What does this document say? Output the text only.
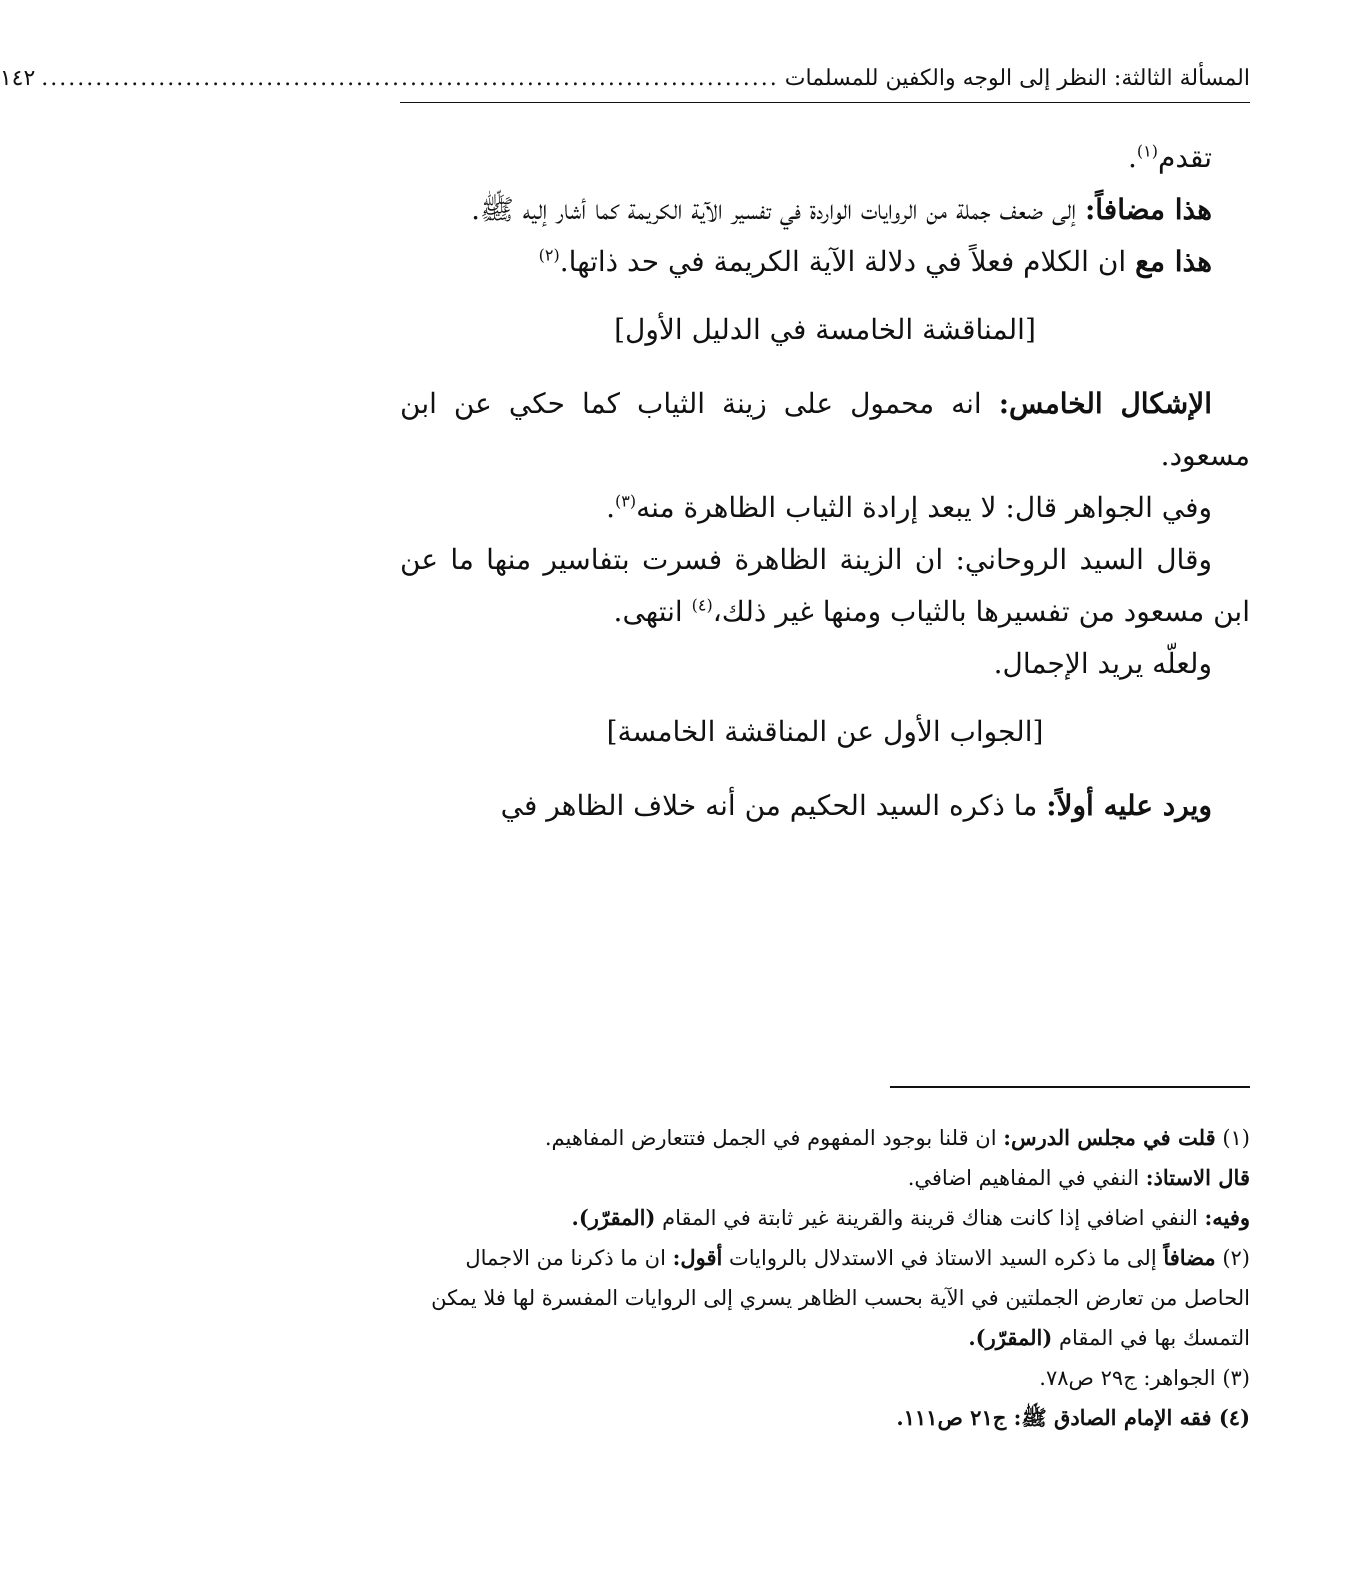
المسألة الثالثة: النظر إلى الوجه والكفين للمسلمات
..................................................................................
١٤٢

تقدم$^{(١)}$.

هذا مضافاً: إلى ضعف جملة من الروايات الواردة في تفسير الآية الكريمة كما أشار إليه ﷺ.

هذا مع ان الكلام فعلاً في دلالة الآية الكريمة في حد ذاتها.$^{(٢)}$

[المناقشة الخامسة في الدليل الأول]

الإشكال الخامس: انه محمول على زينة الثياب كما حكي عن ابن مسعود.

وفي الجواهر قال: لا يبعد إرادة الثياب الظاهرة منه$^{(٣)}$.

وقال السيد الروحاني: ان الزينة الظاهرة فسرت بتفاسير منها ما عن ابن مسعود من تفسيرها بالثياب ومنها غير ذلك،$^{(٤)}$ انتهى.

ولعلّه يريد الإجمال.

[الجواب الأول عن المناقشة الخامسة]

ويرد عليه أولاً: ما ذكره السيد الحكيم من أنه خلاف الظاهر في

(١) قلت في مجلس الدرس: ان قلنا بوجود المفهوم في الجمل فتتعارض المفاهيم.

قال الاستاذ: النفي في المفاهيم اضافي.

وفيه: النفي اضافي إذا كانت هناك قرينة والقرينة غير ثابتة في المقام (المقرّر).

(٢) مضافاً إلى ما ذكره السيد الاستاذ في الاستدلال بالروايات أقول: ان ما ذكرنا من الاجمال الحاصل من تعارض الجملتين في الآية بحسب الظاهر يسري إلى الروايات المفسرة لها فلا يمكن التمسك بها في المقام (المقرّر).

(٣) الجواهر: ج٢٩ ص٧٨.

(٤) فقه الإمام الصادق ﷺ: ج٢١ ص١١١.
